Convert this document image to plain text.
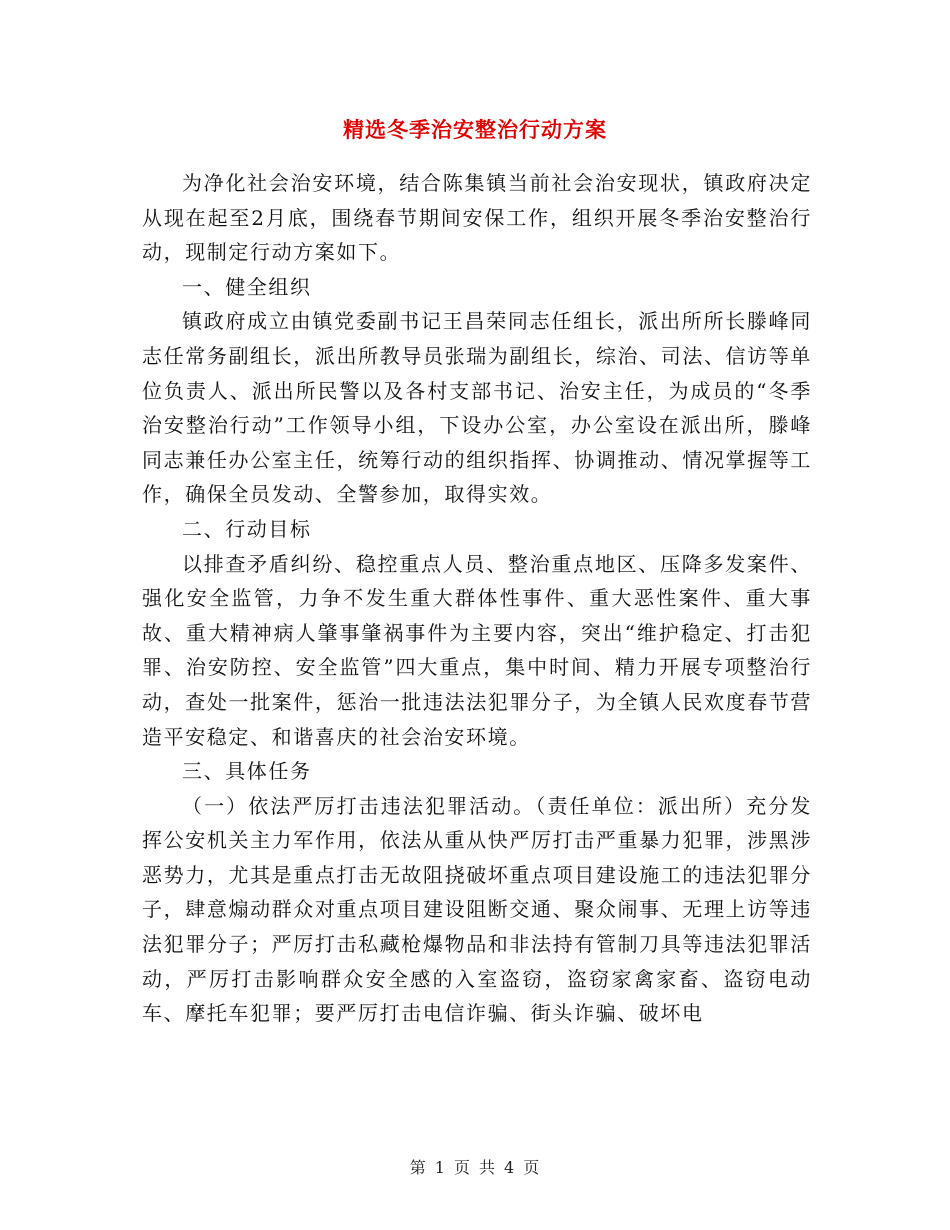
精选冬季治安整治行动方案

为净化社会治安环境，结合陈集镇当前社会治安现状，镇政府决定从现在起至2月底，围绕春节期间安保工作，组织开展冬季治安整治行动，现制定行动方案如下。

一、健全组织

镇政府成立由镇党委副书记王昌荣同志任组长，派出所所长滕峰同志任常务副组长，派出所教导员张瑞为副组长，综治、司法、信访等单位负责人、派出所民警以及各村支部书记、治安主任，为成员的“冬季治安整治行动”工作领导小组，下设办公室，办公室设在派出所，滕峰同志兼任办公室主任，统筹行动的组织指挥、协调推动、情况掌握等工作，确保全员发动、全警参加，取得实效。

二、行动目标

以排查矛盾纠纷、稳控重点人员、整治重点地区、压降多发案件、强化安全监管，力争不发生重大群体性事件、重大恶性案件、重大事故、重大精神病人肇事肇祸事件为主要内容，突出“维护稳定、打击犯罪、治安防控、安全监管”四大重点，集中时间、精力开展专项整治行动，查处一批案件，惩治一批违法法犯罪分子，为全镇人民欢度春节营造平安稳定、和谐喜庆的社会治安环境。

三、具体任务

（一）依法严厉打击违法犯罪活动。（责任单位：派出所）充分发挥公安机关主力军作用，依法从重从快严厉打击严重暴力犯罪，涉黑涉恶势力，尤其是重点打击无故阻挠破坏重点项目建设施工的违法犯罪分子，肆意煽动群众对重点项目建设阻断交通、聚众闹事、无理上访等违法犯罪分子；严厉打击私藏枪爆物品和非法持有管制刀具等违法犯罪活动，严厉打击影响群众安全感的入室盗窃，盗窃家禽家畜、盗窃电动车、摩托车犯罪；要严厉打击电信诈骗、街头诈骗、破坏电

第 1 页 共 4 页
